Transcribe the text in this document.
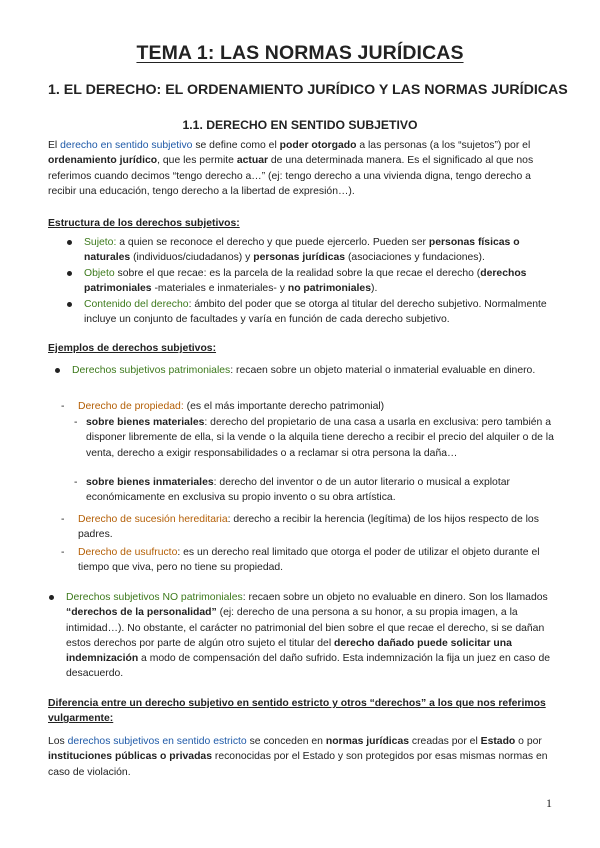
TEMA 1: LAS NORMAS JURÍDICAS
1. EL DERECHO: EL ORDENAMIENTO JURÍDICO Y LAS NORMAS JURÍDICAS
1.1. DERECHO EN SENTIDO SUBJETIVO

El derecho en sentido subjetivo se define como el poder otorgado a las personas (a los “sujetos”) por el ordenamiento jurídico, que les permite actuar de una determinada manera. Es el significado al que nos referimos cuando decimos “tengo derecho a…” (ej: tengo derecho a una vivienda digna, tengo derecho a recibir una educación, tengo derecho a la libertad de expresión…).

Estructura de los derechos subjetivos:

Sujeto: a quien se reconoce el derecho y que puede ejercerlo. Pueden ser personas físicas o naturales (individuos/ciudadanos) y personas jurídicas (asociaciones y fundaciones).
Objeto sobre el que recae: es la parcela de la realidad sobre la que recae el derecho (derechos patrimoniales -materiales e inmateriales- y no patrimoniales).
Contenido del derecho: ámbito del poder que se otorga al titular del derecho subjetivo. Normalmente incluye un conjunto de facultades y varía en función de cada derecho subjetivo.

Ejemplos de derechos subjetivos:

Derechos subjetivos patrimoniales: recaen sobre un objeto material o inmaterial evaluable en dinero.

- Derecho de propiedad: (es el más importante derecho patrimonial)

- sobre bienes materiales: derecho del propietario de una casa a usarla en exclusiva: pero también a disponer libremente de ella, si la vende o la alquila tiene derecho a recibir el precio del alquiler o de la venta, derecho a exigir responsabilidades o a reclamar si otra persona la daña…

- sobre bienes inmateriales: derecho del inventor o de un autor literario o musical a explotar económicamente en exclusiva su propio invento o su obra artística.

- Derecho de sucesión hereditaria: derecho a recibir la herencia (legítima) de los hijos respecto de los padres.

- Derecho de usufructo: es un derecho real limitado que otorga el poder de utilizar el objeto durante el tiempo que viva, pero no tiene su propiedad.

Derechos subjetivos NO patrimoniales: recaen sobre un objeto no evaluable en dinero. Son los llamados “derechos de la personalidad” (ej: derecho de una persona a su honor, a su propia imagen, a la intimidad…). No obstante, el carácter no patrimonial del bien sobre el que recae el derecho, si se dañan estos derechos por parte de algún otro sujeto el titular del derecho dañado puede solicitar una indemnización a modo de compensación del daño sufrido. Esta indemnización la fija un juez en caso de desacuerdo.

Diferencia entre un derecho subjetivo en sentido estricto y otros “derechos” a los que nos referimos vulgarmente:

Los derechos subjetivos en sentido estricto se conceden en normas jurídicas creadas por el Estado o por instituciones públicas o privadas reconocidas por el Estado y son protegidos por esas mismas normas en caso de violación.

1
